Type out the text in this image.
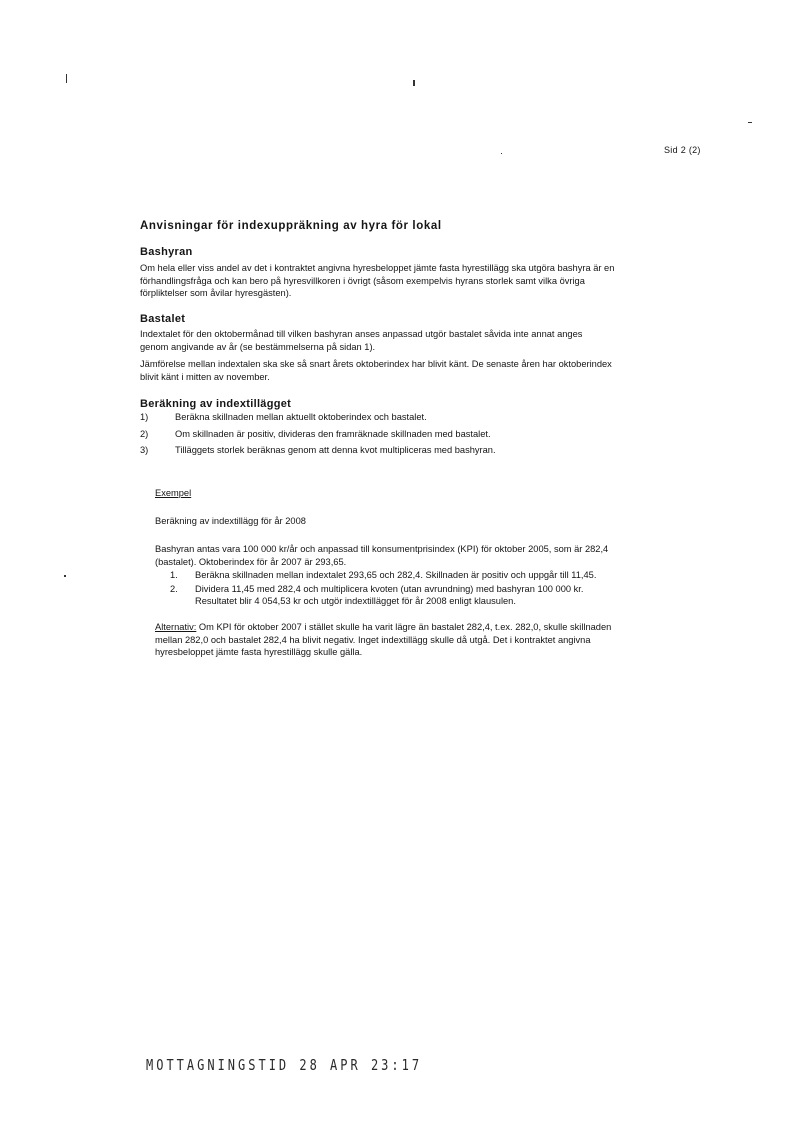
Sid 2 (2)
Anvisningar för indexuppräkning av hyra för lokal
Bashyran
Om hela eller viss andel av det i kontraktet angivna hyresbeloppet jämte fasta hyrestillägg ska utgöra bashyra är en
förhandlingsfråga och kan bero på hyresvillkoren i övrigt (såsom exempelvis hyrans storlek samt vilka övriga
förpliktelser som åvilar hyresgästen).
Bastalet
Indextalet för den oktobermånad till vilken bashyran anses anpassad utgör bastalet såvida inte annat anges
genom angivande av år (se bestämmelserna på sidan 1).
Jämförelse mellan indextalen ska ske så snart årets oktoberindex har blivit känt. De senaste åren har oktoberindex
blivit känt i mitten av november.
Beräkning av indextillägget
1)	Beräkna skillnaden mellan aktuellt oktoberindex och bastalet.
2)	Om skillnaden är positiv, divideras den framräknade skillnaden med bastalet.
3)	Tilläggets storlek beräknas genom att denna kvot multipliceras med bashyran.
Exempel
Beräkning av indextillägg för år 2008
Bashyran antas vara 100 000 kr/år och anpassad till konsumentprisindex (KPI) för oktober 2005, som är 282,4
(bastalet). Oktoberindex för år 2007 är 293,65.
1. Beräkna skillnaden mellan indextalet 293,65 och 282,4. Skillnaden är positiv och uppgår till 11,45.
2. Dividera 11,45 med 282,4 och multiplicera kvoten (utan avrundning) med bashyran 100 000 kr.
Resultatet blir 4 054,53 kr och utgör indextillägget för år 2008 enligt klausulen.
Alternativ: Om KPI för oktober 2007 i stället skulle ha varit lägre än bastalet 282,4, t.ex. 282,0, skulle skillnaden
mellan 282,0 och bastalet 282,4 ha blivit negativ. Inget indextillägg skulle då utgå. Det i kontraktet angivna
hyresbeloppet jämte fasta hyrestillägg skulle gälla.
MOTTAGNINGSTID 28 APR 23:17
